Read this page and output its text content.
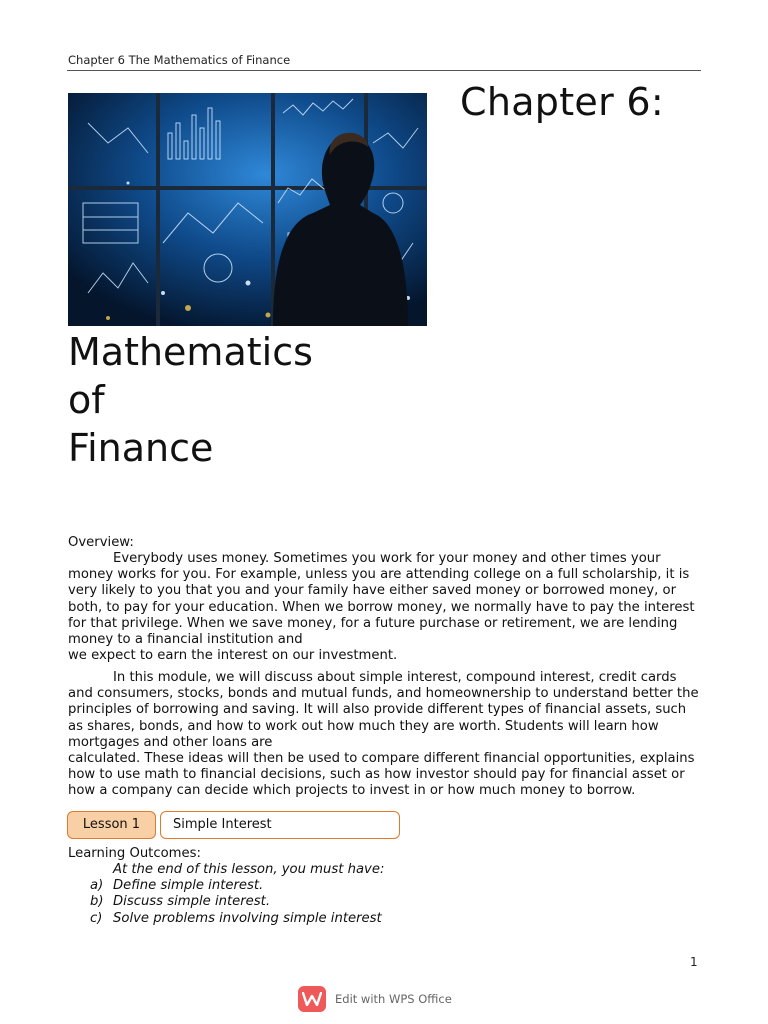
Chapter 6 The Mathematics of Finance
Chapter 6:
Mathematics
of
Finance
Overview:
Everybody uses money. Sometimes you work for your money and other times your money works for you. For example, unless you are attending college on a full scholarship, it is very likely to you that you and your family have either saved money or borrowed money, or both, to pay for your education. When we borrow money, we normally have to pay the interest for that privilege. When we save money, for a future purchase or retirement, we are lending money to a financial institution and
we expect to earn the interest on our investment.
In this module, we will discuss about simple interest, compound interest, credit cards and consumers, stocks, bonds and mutual funds, and homeownership to understand better the principles of borrowing and saving. It will also provide different types of financial assets, such as shares, bonds, and how to work out how much they are worth. Students will learn how mortgages and other loans are
calculated. These ideas will then be used to compare different financial opportunities, explains how to use math to financial decisions, such as how investor should pay for financial asset or how a company can decide which projects to invest in or how much money to borrow.
Lesson 1	Simple Interest
Learning Outcomes:
At the end of this lesson, you must have:
a) Define simple interest.
b) Discuss simple interest.
c) Solve problems involving simple interest
1
Edit with WPS Office
